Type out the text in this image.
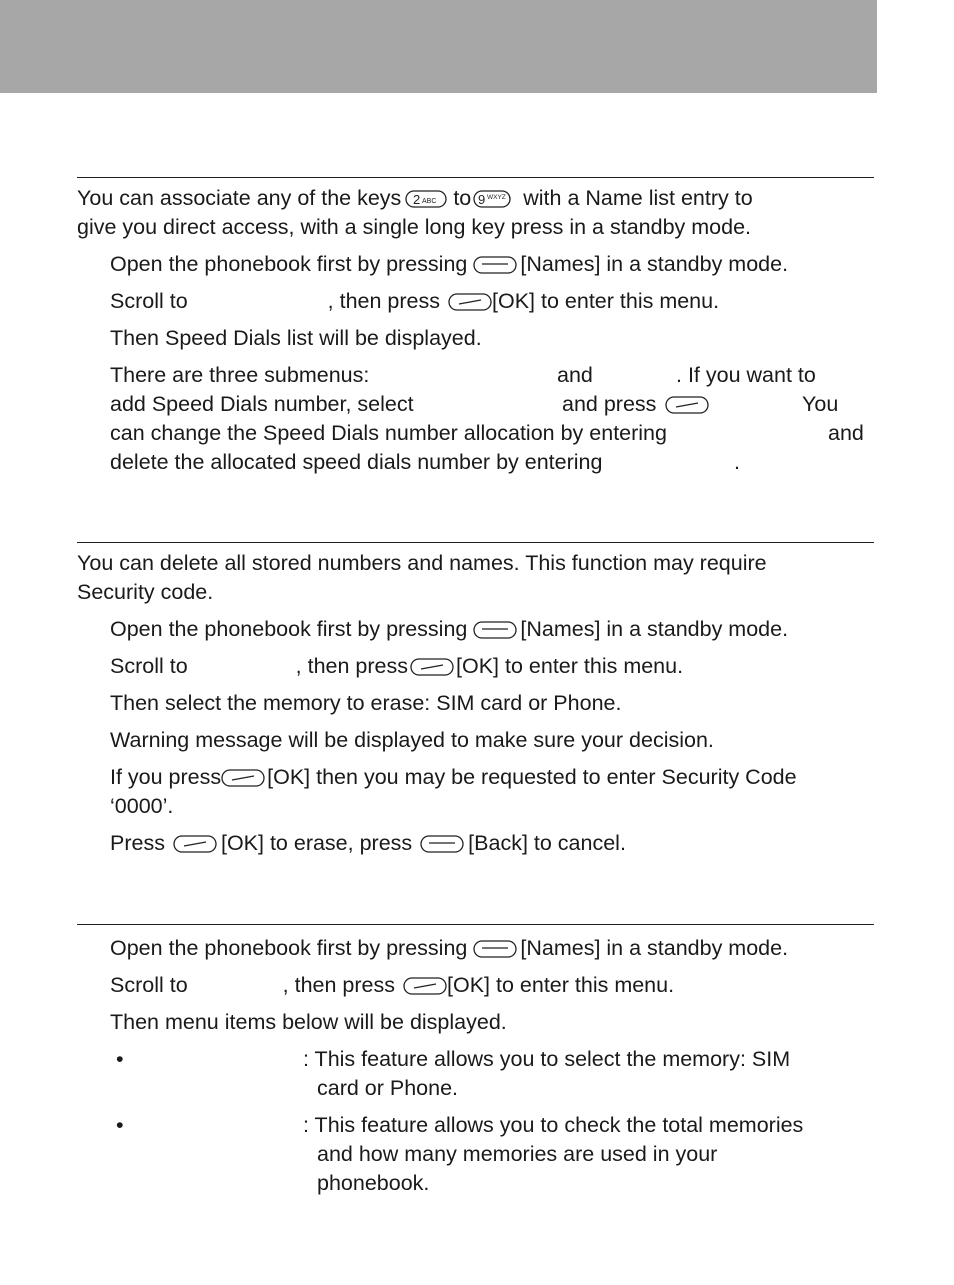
You can associate any of the keys 2 ABC to 9 WXYZ with a Name list entry to
give you direct access, with a single long key press in a standby mode.
Open the phonebook first by pressing
[Names] in a standby mode.
Scroll to	, then press
[OK] to enter this menu.
Then Speed Dials list will be displayed.
There are three submenus:	and	. If you want to
add Speed Dials number, select	and press	You
can change the Speed Dials number allocation by entering	and
delete the allocated speed dials number by entering	.
You can delete all stored numbers and names. This function may require
Security code.
Open the phonebook first by pressing
[Names] in a standby mode.
Scroll to	, then press
[OK] to enter this menu.
Then select the memory to erase: SIM card or Phone.
Warning message will be displayed to make sure your decision.
If you press
[OK] then you may be requested to enter Security Code
‘0000’.
Press	[OK] to erase, press	[Back] to cancel.
Open the phonebook first by pressing
[Names] in a standby mode.
Scroll to	, then press
[OK] to enter this menu.
Then menu items below will be displayed.
•	: This feature allows you to select the memory: SIM
card or Phone.
•	: This feature allows you to check the total memories
and how many memories are used in your
phonebook.
